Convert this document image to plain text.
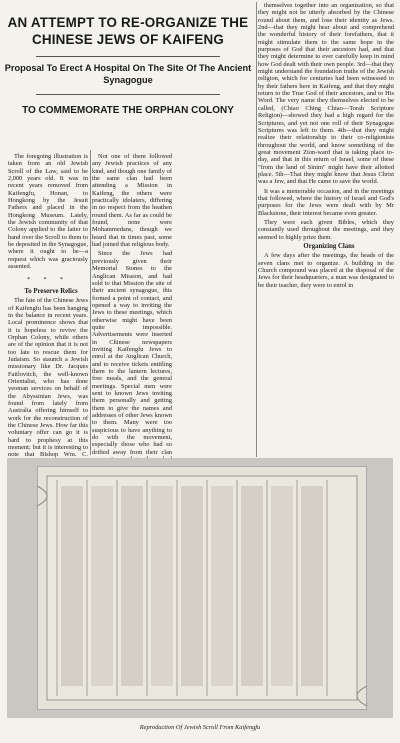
AN ATTEMPT TO RE-ORGANIZE THE CHINESE JEWS OF KAIFENG
Proposal To Erect A Hospital On The Site Of The Ancient Synagogue
TO COMMEMORATE THE ORPHAN COLONY

The foregoing illustration is taken from an old Jewish Scroll of the Law, said to be 2,000 years old. It was in recent years removed from Kaifengfu, Honan, to Hongkong by the Jesuit Fathers and placed in the Hongkong Museum. Lately, the Jewish community of that Colony applied to the latter to hand over the Scroll to them to be deposited in the Synagogue, where it ought to be—a request which was graciously assented.

* * *

To Preserve Relics

The fate of the Chinese Jews of Kaifengfu has been hanging in the balance in recent years. Local prominence shows that it is hopeless to revive the Orphan Colony, while others are of the opinion that it is not too late to rescue them for Judaism. So staunch a Jewish missionary like Dr. Jacques Faitlovitch, the well-known Orientalist, who has done yeoman services on behalf of the Abyssinian Jews, was found from lately from Australia offering himself to work for the reconstruction of the Chinese Jews. How far this voluntary offer can go it is hard to prophesy at this moment; but it is interesting to note that Bishop Wm. C.

Not one of them followed any Jewish practices of any kind, and though one family of the same clan had been attending a Mission in Kaifeng, the others were practically idolaters, differing in no respect from the heathen round them. As far as could be found, none were Mohammedans, though we heard that in times past, some had joined that religious body.

Since the Jews had previously given their Memorial Stones to the Anglican Mission, and had sold to that Mission the site of their ancient synagogue, this formed a point of contact, and opened a way to inviting the Jews to these meetings, which otherwise might have been quite impossible. Advertisements were inserted in Chinese newspapers inviting Kaifengfu Jews to enrol at the Anglican Church, and to receive tickets entitling them to the lantern lectures, free meals, and the general meetings. Special men were sent to known Jews inviting them personally and getting them to give the names and addresses of other Jews known to them. Many were too suspicious to have anything to do with the movement, especially those who had so drifted away from their clan

themselves together into an organization, so that they might not be utterly absorbed by the Chinese round about them, and lose their identity as Jews. 2nd—that they might hear about and comprehend the wonderful history of their forefathers, that it might stimulate them to the same hope in the purposes of God that their ancestors had, and that they might determine to ever carefully keep in mind how God dealt with their own people. 3rd—that they might understand the foundation truths of the Jewish religion, which for centuries had been witnessed to by their fathers here in Kaifeng, and that they might return to the True God of their ancestors, and to His Word. The very name they themselves elected to be called, (Chiao Ching Chiao—Torah Scripture Religion)—showed they had a high regard for the Scriptures, and yet not one roll of their Synagogue Scriptures was left to them. 4th—that they might realize their relationship to their co-religionists throughout the world, and know something of the great movement Zion-ward that is taking place to-day, and that in this return of Israel, some of these "from the land of Sinim" might have their allotted place. 5th—That they might know that Jesus Christ was a Jew, and that He came to save the world.

It was a memorable occasion, and in the meetings that followed, where the history of Israel and God's purposes for the Jews were dealt with by Mr Blackstone, their interest became even greater.

They were each given Bibles, which they constantly used throughout the meetings, and they seemed to highly prize them.

Organizing Clans

A few days after the meetings, the heads of the seven clans met to organize. A building in the Church compound was placed at the disposal of the Jews for their headquarters, a man was designated to be their teacher, they were to enrol in

Reproduction Of Jewish Scroll From Kaifengfu
